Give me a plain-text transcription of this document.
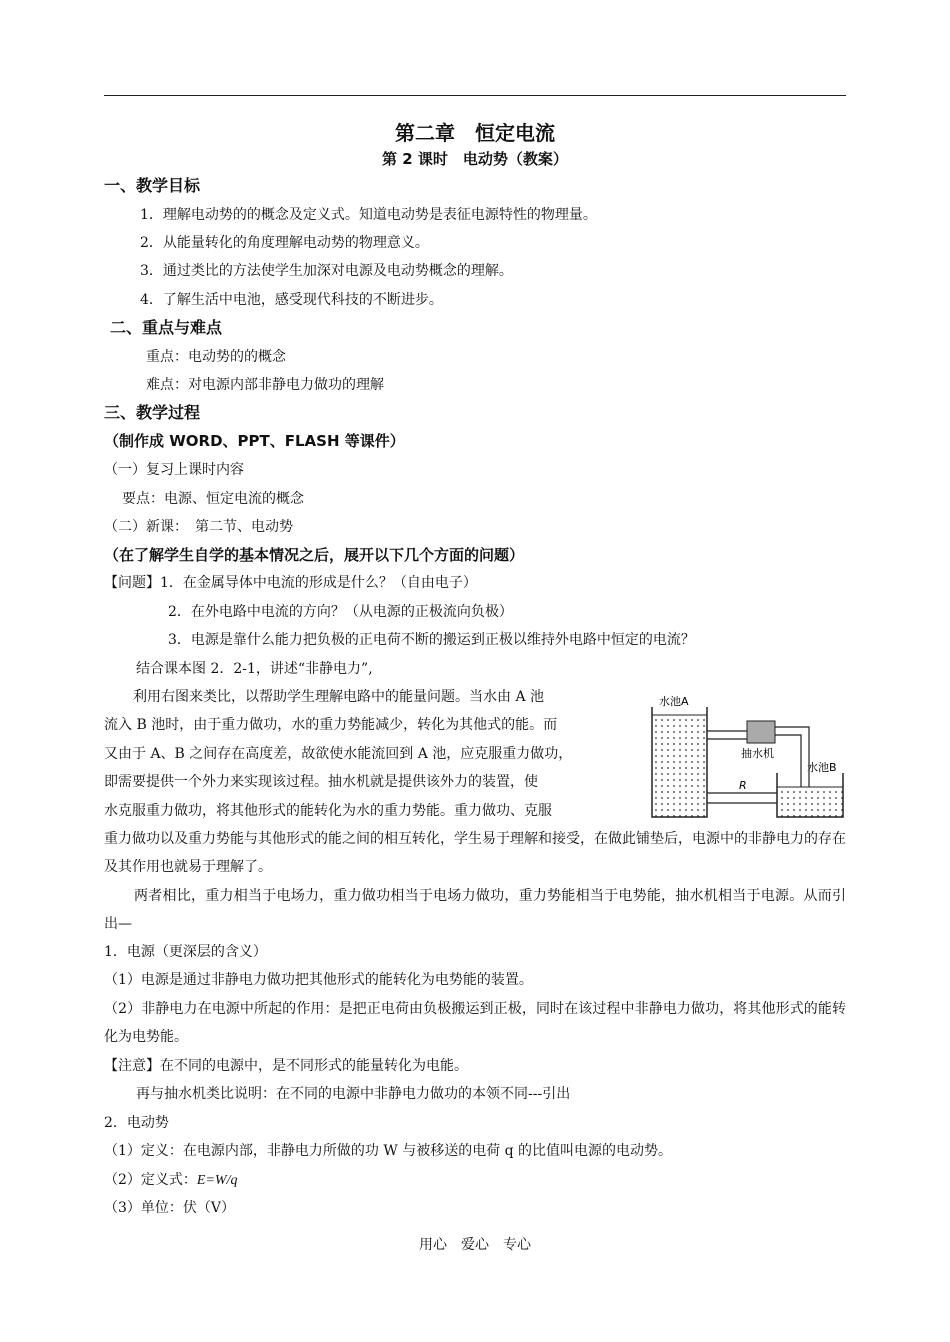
第二章　恒定电流
第 2 课时　电动势（教案）
一、教学目标
1．理解电动势的的概念及定义式。知道电动势是表征电源特性的物理量。
2．从能量转化的角度理解电动势的物理意义。
3．通过类比的方法使学生加深对电源及电动势概念的理解。
4．了解生活中电池，感受现代科技的不断进步。
二、重点与难点
重点：电动势的的概念
难点：对电源内部非静电力做功的理解
三、教学过程
（制作成 WORD、PPT、FLASH 等课件）
（一）复习上课时内容
要点：电源、恒定电流的概念
（二）新课：　第二节、电动势
（在了解学生自学的基本情况之后，展开以下几个方面的问题）
【问题】1．在金属导体中电流的形成是什么？（自由电子）
2．在外电路中电流的方向？（从电源的正极流向负极）
3．电源是靠什么能力把负极的正电荷不断的搬运到正极以维持外电路中恒定的电流？
结合课本图 2．2-1，讲述“非静电力”,
利用右图来类比，以帮助学生理解电路中的能量问题。当水由 A 池
流入 B 池时，由于重力做功，水的重力势能减少，转化为其他式的能。而
又由于 A、B 之间存在高度差，故欲使水能流回到 A 池，应克服重力做功，
即需要提供一个外力来实现该过程。抽水机就是提供该外力的装置，使
水克服重力做功，将其他形式的能转化为水的重力势能。重力做功、克服
水池A
R
水池B
抽水机
重力做功以及重力势能与其他形式的能之间的相互转化，学生易于理解和接受，在做此铺垫后，电源中的非静电力的存在及其作用也就易于理解了。
两者相比，重力相当于电场力，重力做功相当于电场力做功，重力势能相当于电势能，抽水机相当于电源。从而引出—
1．电源（更深层的含义）
（1）电源是通过非静电力做功把其他形式的能转化为电势能的装置。
（2）非静电力在电源中所起的作用：是把正电荷由负极搬运到正极，同时在该过程中非静电力做功，将其他形式的能转化为电势能。
【注意】在不同的电源中，是不同形式的能量转化为电能。
再与抽水机类比说明：在不同的电源中非静电力做功的本领不同---引出
2．电动势
（1）定义：在电源内部，非静电力所做的功 W 与被移送的电荷 q 的比值叫电源的电动势。
（2）定义式：E=W/q
（3）单位：伏（V）
用心　爱心　专心
